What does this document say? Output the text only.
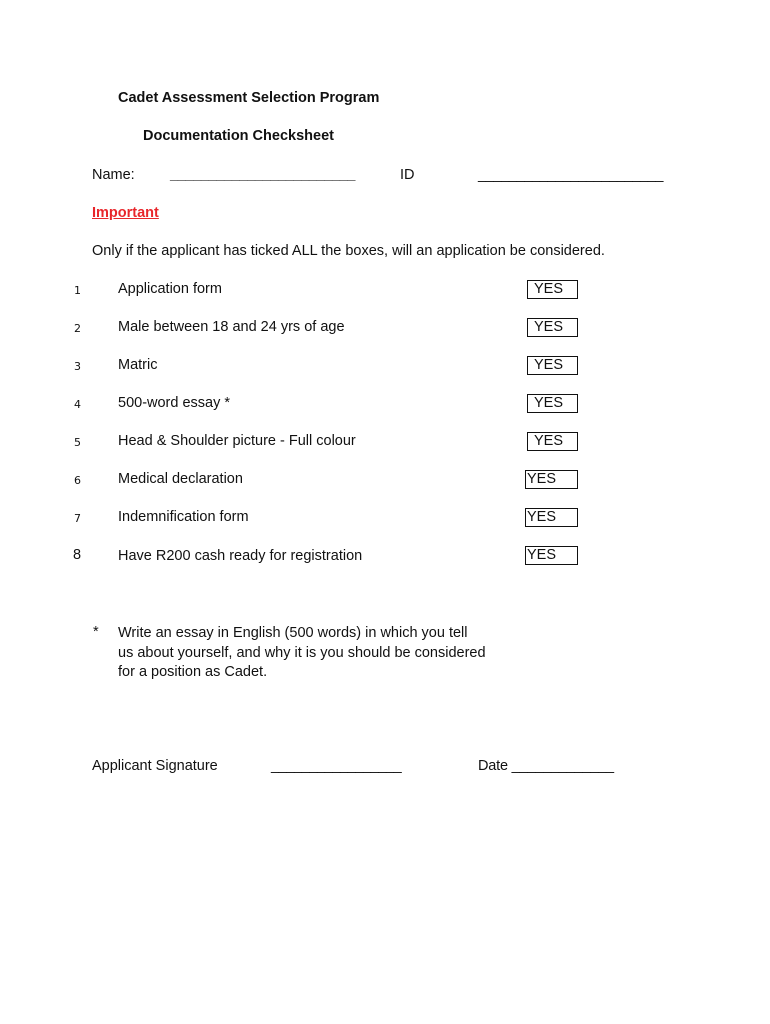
Cadet Assessment Selection Program
Documentation Checksheet
Name: ________________________	ID	________________________
Important
Only if the applicant has ticked ALL the boxes, will an application be considered.
1	Application form	YES
2	Male between 18 and 24 yrs of age	YES
3	Matric	YES
4	500-word essay *	YES
5	Head & Shoulder picture - Full colour	YES
6	Medical declaration	YES
7	Indemnification form	YES
8	Have R200 cash ready for registration	YES
* Write an essay in English (500 words) in which you tell
us about yourself, and why it is you should be considered
for a position as Cadet.
Applicant Signature	_________________	Date _____________
